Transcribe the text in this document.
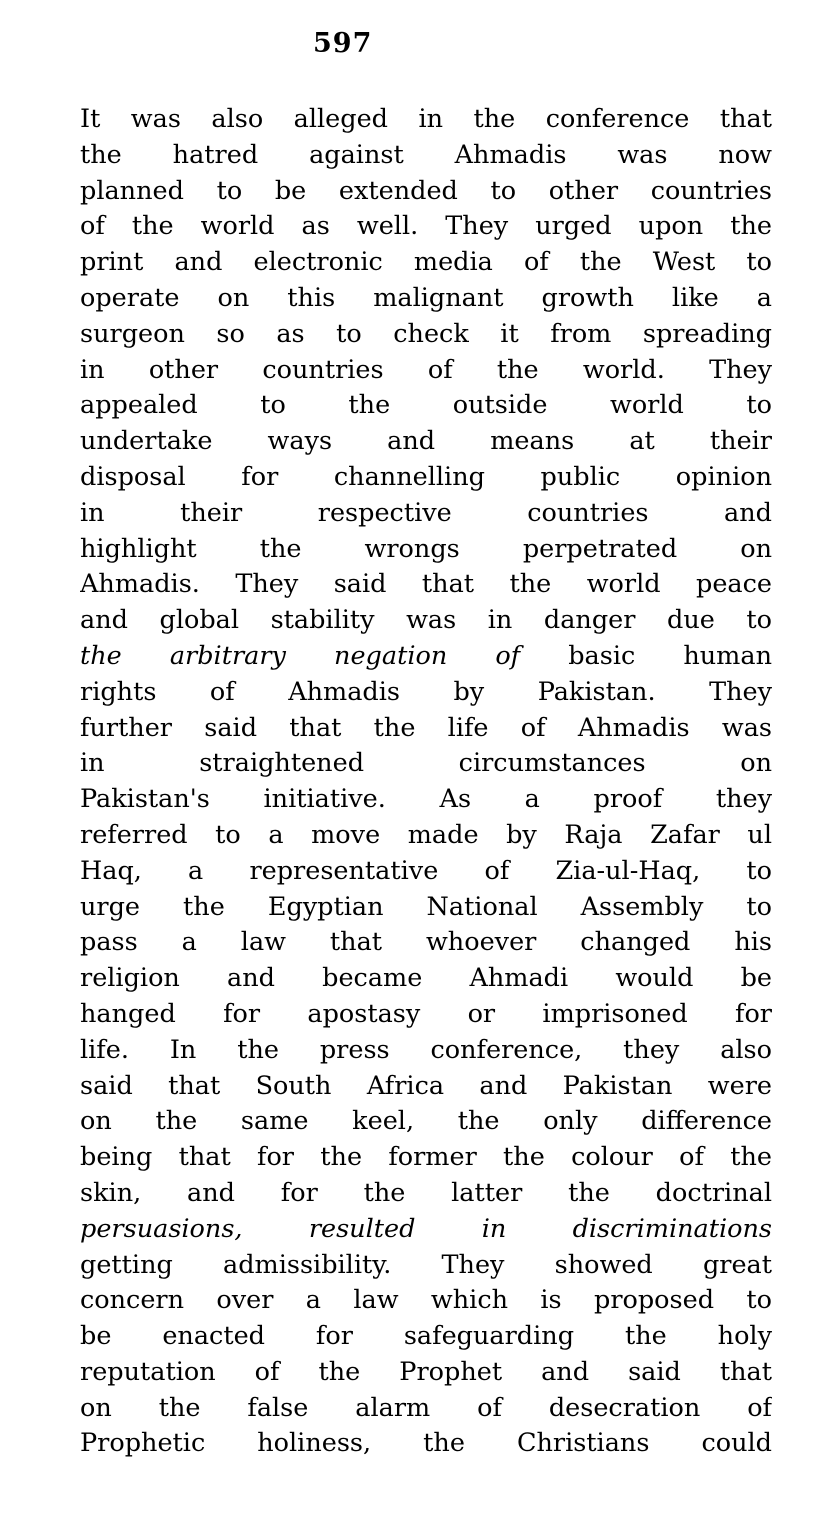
597
It was also alleged in the conference that
the hatred against Ahmadis was now
planned to be extended to other countries
of the world as well. They urged upon the
print and electronic media of the West to
operate on this malignant growth like a
surgeon so as to check it from spreading
in other countries of the world. They
appealed to the outside world to
undertake ways and means at their
disposal for channelling public opinion
in their respective countries and
highlight the wrongs perpetrated on
Ahmadis. They said that the world peace
and global stability was in danger due to
the arbitrary negation of basic human
rights of Ahmadis by Pakistan. They
further said that the life of Ahmadis was
in straightened circumstances on
Pakistan's initiative. As a proof they
referred to a move made by Raja Zafar ul
Haq, a representative of Zia-ul-Haq, to
urge the Egyptian National Assembly to
pass a law that whoever changed his
religion and became Ahmadi would be
hanged for apostasy or imprisoned for
life. In the press conference, they also
said that South Africa and Pakistan were
on the same keel, the only difference
being that for the former the colour of the
skin, and for the latter the doctrinal
persuasions, resulted in discriminations
getting admissibility. They showed great
concern over a law which is proposed to
be enacted for safeguarding the holy
reputation of the Prophet and said that
on the false alarm of desecration of
Prophetic holiness, the Christians could
